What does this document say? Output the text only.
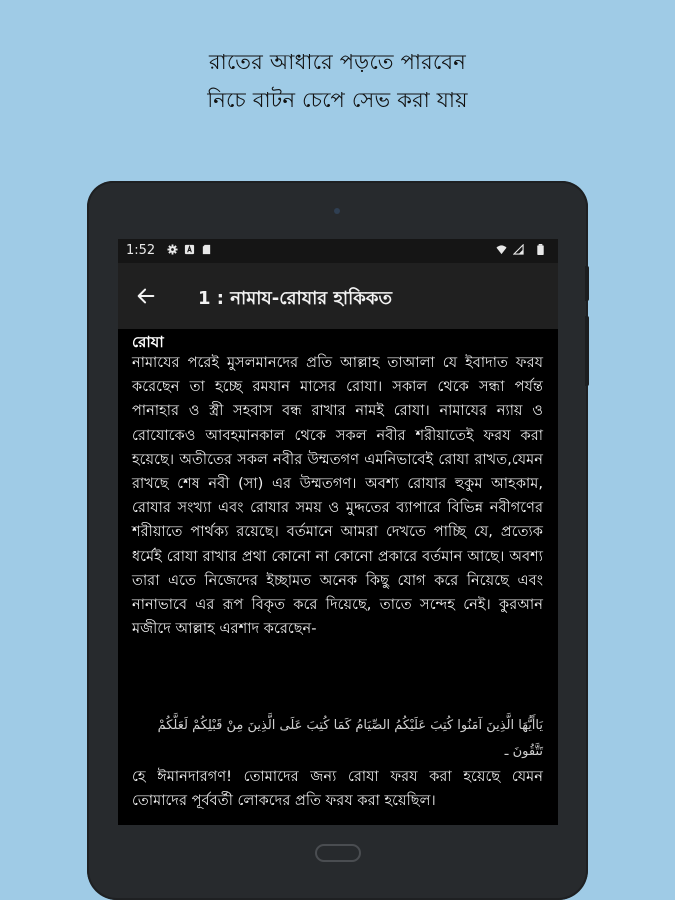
রাতের আধারে পড়তে পারবেন
নিচে বাটন চেপে সেভ করা যায়
1:52
1 : নামায-রোযার হাকিকত
রোযা

নামাযের পরেই মুসলমানদের প্রতি আল্লাহ তাআলা যে ইবাদাত ফরয করেছেন তা হচ্ছে রমযান মাসের রোযা। সকাল থেকে সন্ধা পর্যন্ত পানাহার ও স্ত্রী সহবাস বন্ধ রাখার নামই রোযা। নামাযের ন্যায় ও রোযোকেও আবহমানকাল থেকে সকল নবীর শরীয়াতেই ফরয করা হয়েছে। অতীতের সকল নবীর উম্মতগণ এমনিভাবেই রোযা রাখত,যেমন রাখছে শেষ নবী (সা) এর উম্মতগণ। অবশ্য রোযার হুকুম আহকাম, রোযার সংখ্যা এবং রোযার সময় ও মুদ্দতের ব্যাপারে বিভিন্ন নবীগণের শরীয়াতে পার্থক্য রয়েছে। বর্তমানে আমরা দেখতে পাচ্ছি যে, প্রত্যেক ধর্মেই রোযা রাখার প্রথা কোনো না কোনো প্রকারে বর্তমান আছে। অবশ্য তারা এতে নিজেদের ইচ্ছামত অনেক কিছু যোগ করে নিয়েছে এবং নানাভাবে এর রূপ বিকৃত করে দিয়েছে, তাতে সন্দেহ নেই। কুরআন মজীদে আল্লাহ এরশাদ করেছেন-

يَاأَيُّهَا الَّذِينَ آمَنُوا كُتِبَ عَلَيْكُمُ الصِّيَامُ كَمَا كُتِبَ عَلَى الَّذِينَ مِنْ قَبْلِكُمْ لَعَلَّكُمْ تَتَّقُونَ ـ

হে ঈমানদারগণ! তোমাদের জন্য রোযা ফরয করা হয়েছে যেমন তোমাদের পূর্ববর্তী লোকদের প্রতি ফরয করা হয়েছিল।
